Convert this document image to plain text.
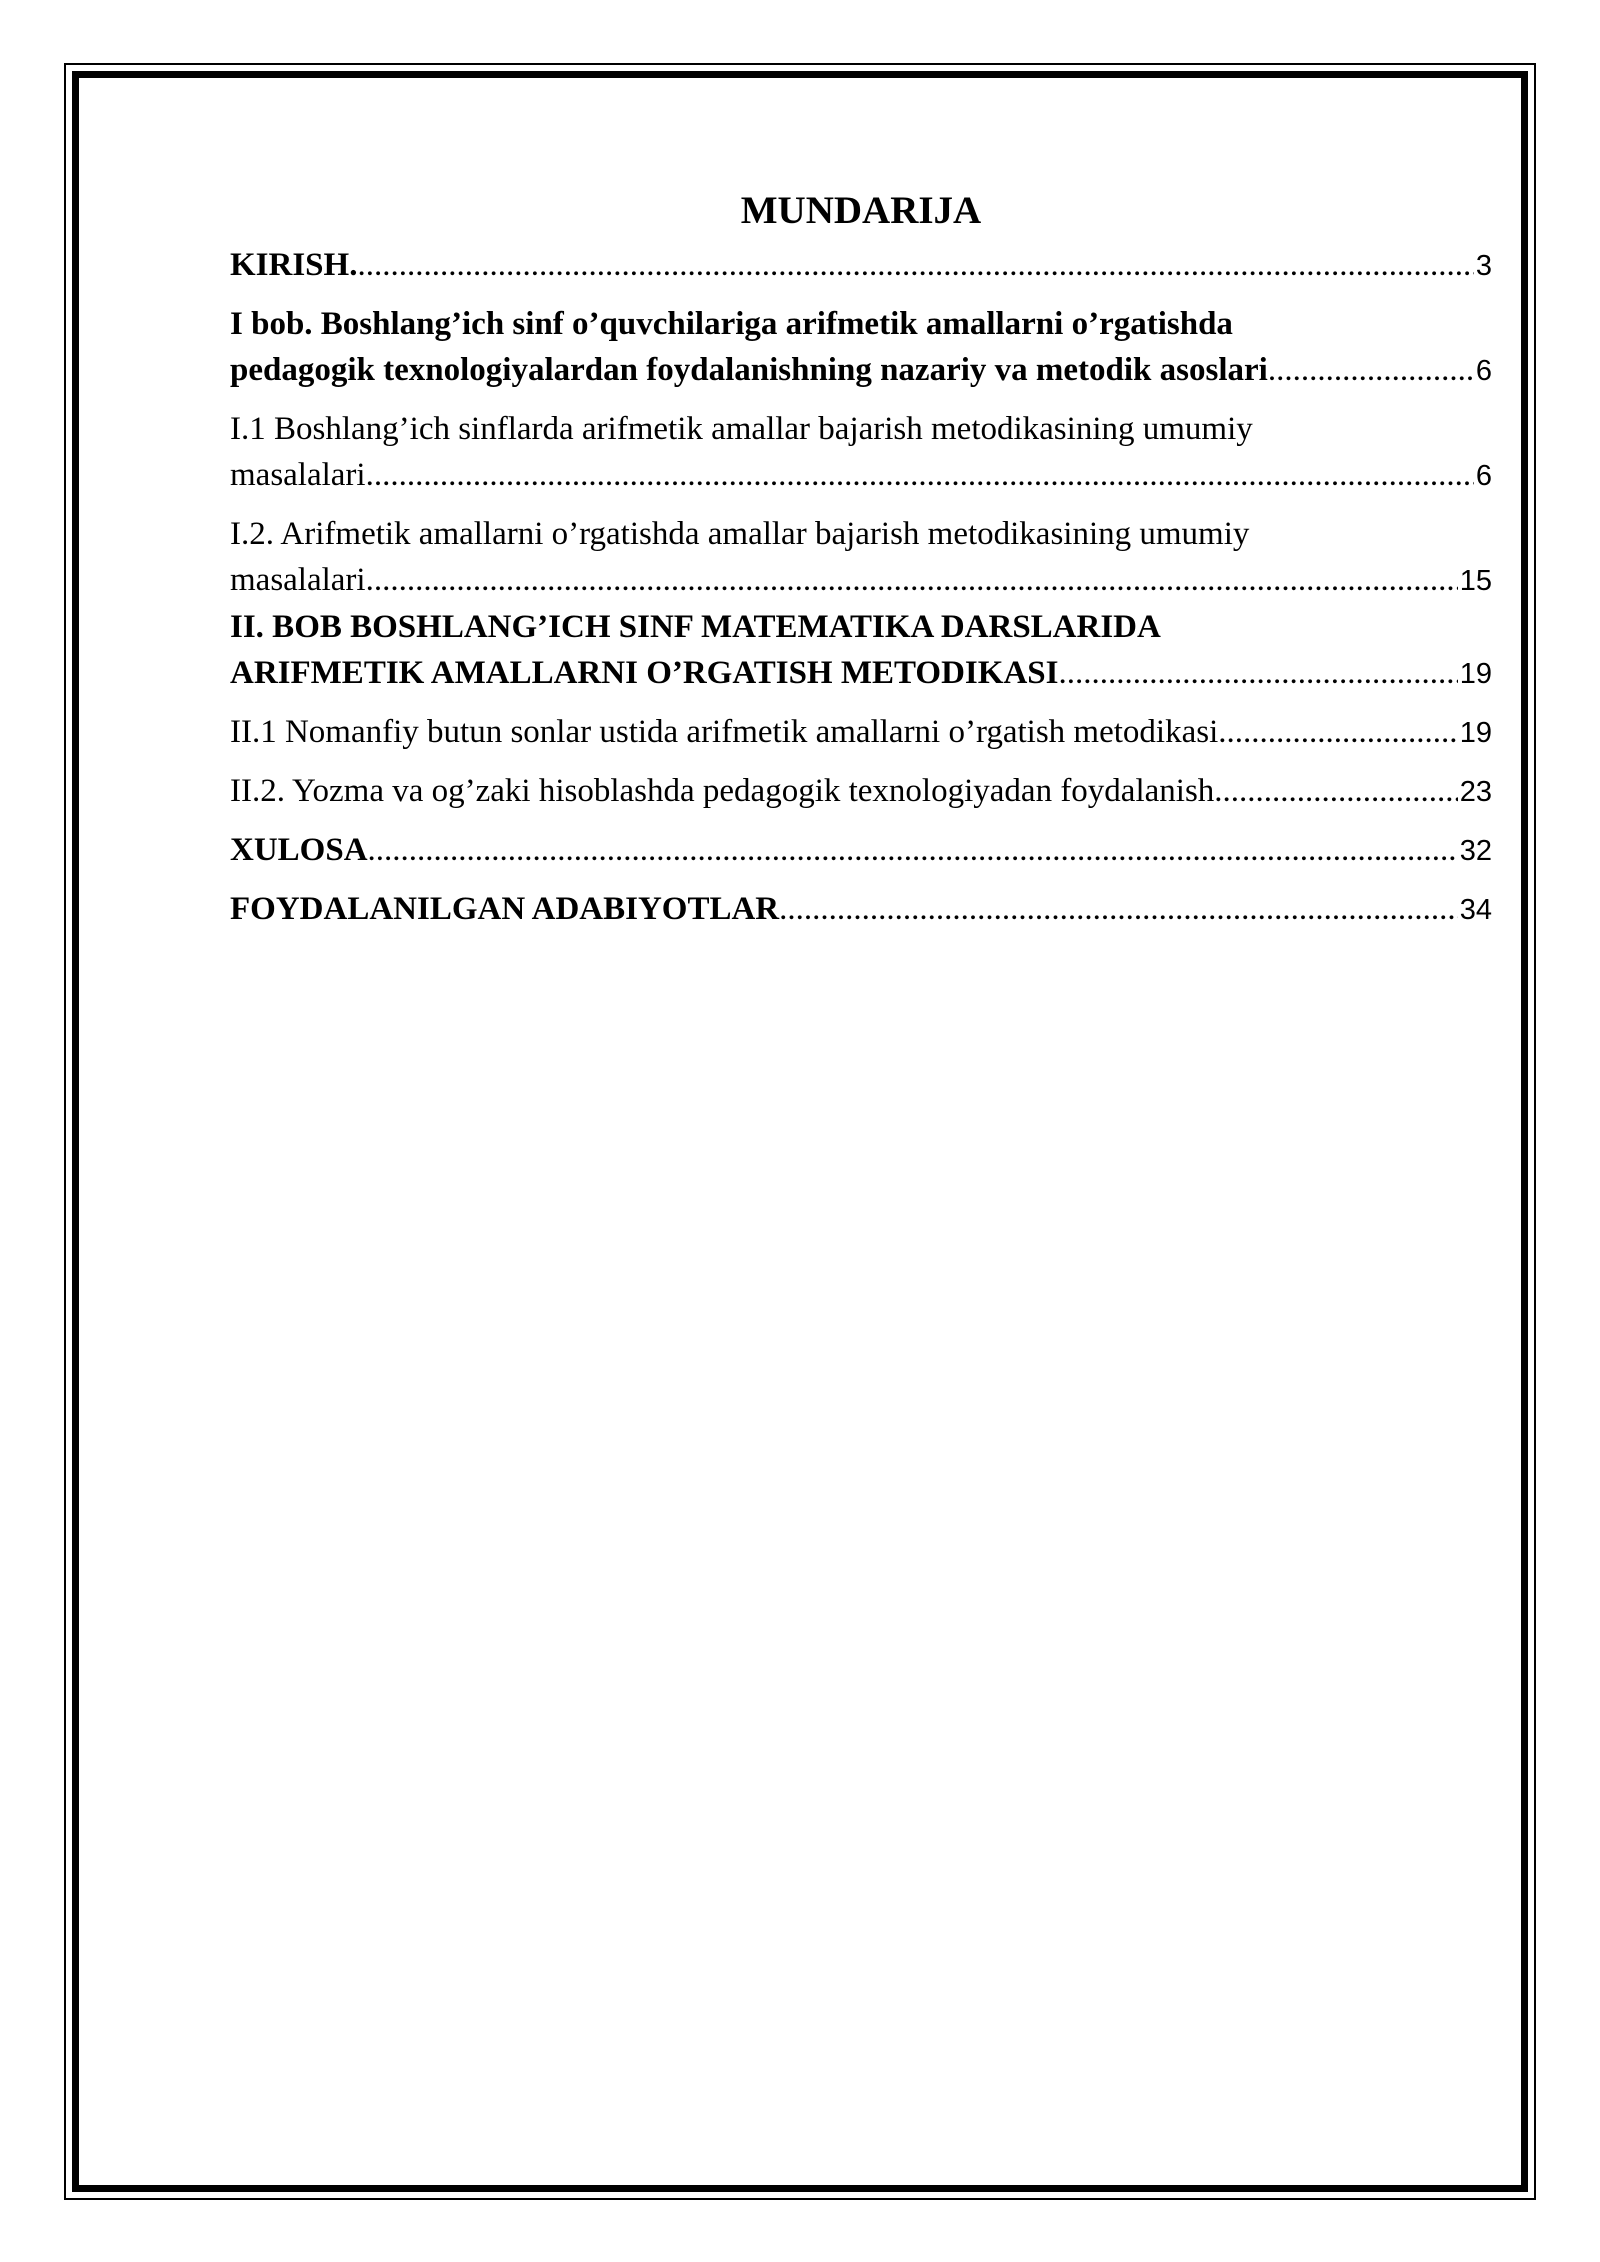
MUNDARIJA
KIRISH. .....	3
I bob. Boshlang’ich sinf o’quvchilariga arifmetik amallarni o’rgatishda
pedagogik texnologiyalardan foydalanishning nazariy va metodik asoslari .....	6
I.1 Boshlang’ich sinflarda arifmetik amallar bajarish metodikasining umumiy
masalalari .....	6
I.2. Arifmetik amallarni o’rgatishda amallar bajarish metodikasining umumiy
masalalari .....	15
II. BOB BOSHLANG’ICH SINF MATEMATIKA DARSLARIDA
ARIFMETIK AMALLARNI O’RGATISH METODIKASI .....	19
II.1 Nomanfiy butun sonlar ustida arifmetik amallarni o’rgatish metodikasi .....	19
II.2. Yozma va og’zaki hisoblashda pedagogik texnologiyadan foydalanish .....	23
XULOSA .....	32
FOYDALANILGAN ADABIYOTLAR .....	34
